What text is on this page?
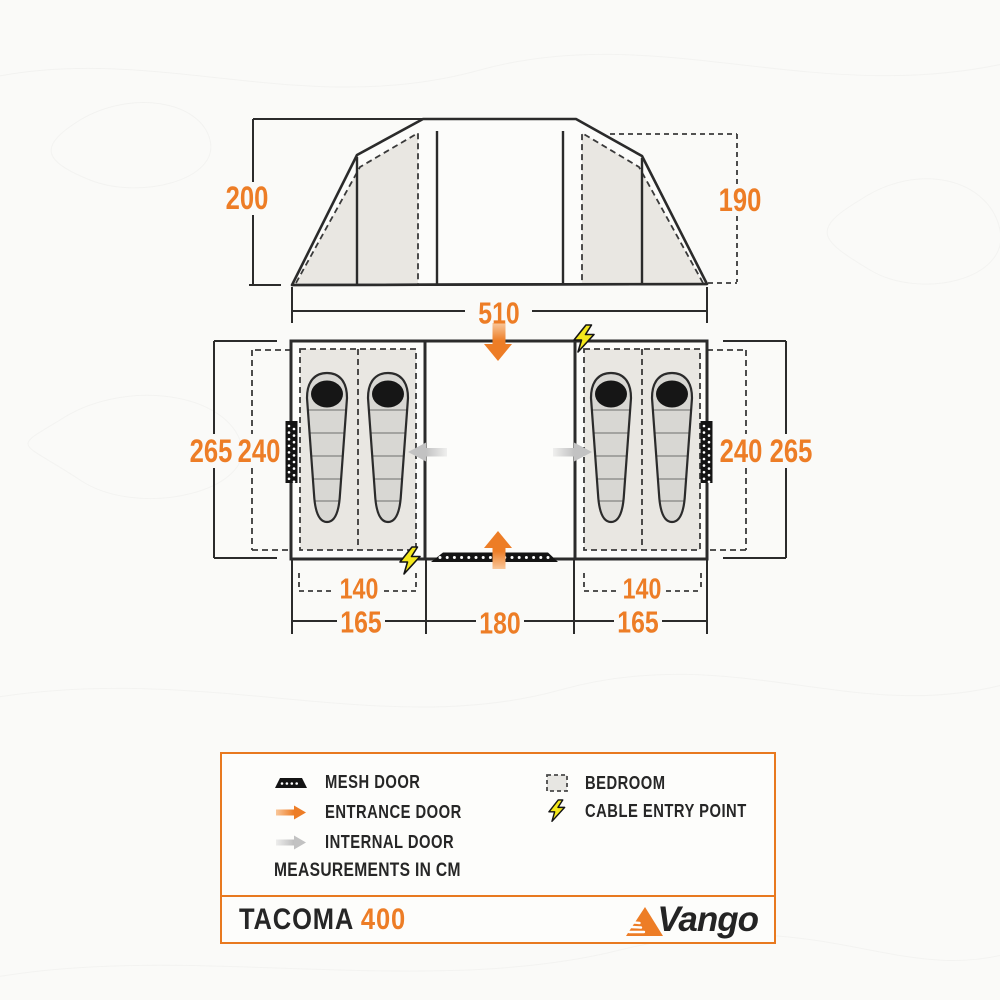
200	190
510
265 240	240 265
140	140
165	180	165
MESH DOOR
ENTRANCE DOOR
INTERNAL DOOR
MEASUREMENTS IN CM
BEDROOM
CABLE ENTRY POINT
TACOMA 400	Vango
